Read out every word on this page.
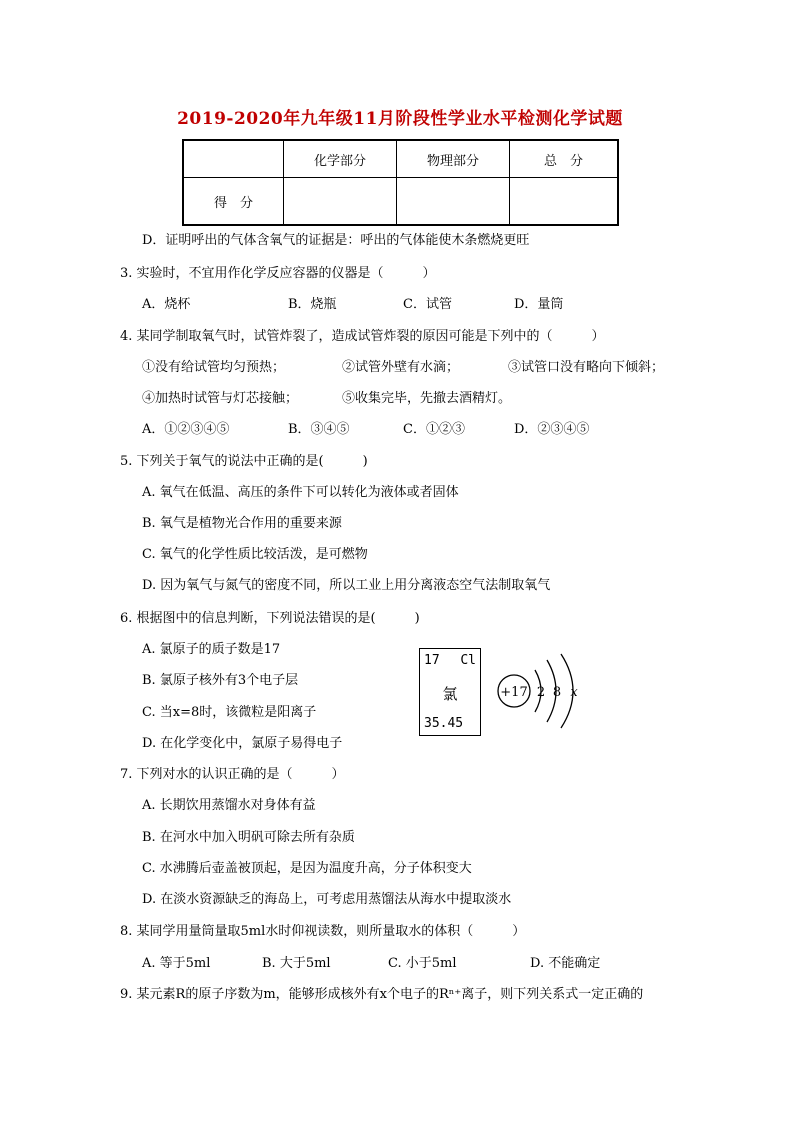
2019-2020年九年级11月阶段性学业水平检测化学试题
	化学部分	物理部分	总　分
得　分			
D．证明呼出的气体含氧气的证据是：呼出的气体能使木条燃烧更旺
3. 实验时，不宜用作化学反应容器的仪器是（　　　）
A．烧杯	B．烧瓶	C．试管	D．量筒
4. 某同学制取氧气时，试管炸裂了，造成试管炸裂的原因可能是下列中的（　　　）
①没有给试管均匀预热；	②试管外壁有水滴；	③试管口没有略向下倾斜；
④加热时试管与灯芯接触；	⑤收集完毕，先撤去酒精灯。
A．①②③④⑤	B．③④⑤	C．①②③	D．②③④⑤
5. 下列关于氧气的说法中正确的是(　　　)
A. 氧气在低温、高压的条件下可以转化为液体或者固体
B. 氧气是植物光合作用的重要来源
C. 氧气的化学性质比较活泼，是可燃物
D. 因为氧气与氮气的密度不同，所以工业上用分离液态空气法制取氧气
6. 根据图中的信息判断，下列说法错误的是(　　　)
A. 氯原子的质子数是17
B. 氯原子核外有3个电子层
C. 当x=8时，该微粒是阳离子
D. 在化学变化中，氯原子易得电子
17 Cl
氯
35.45
+17 2 8 x
7. 下列对水的认识正确的是（　　　）
A. 长期饮用蒸馏水对身体有益
B. 在河水中加入明矾可除去所有杂质
C. 水沸腾后壶盖被顶起，是因为温度升高，分子体积变大
D. 在淡水资源缺乏的海岛上，可考虑用蒸馏法从海水中提取淡水
8. 某同学用量筒量取5ml水时仰视读数，则所量取水的体积（　　　）
A. 等于5ml	B. 大于5ml	C. 小于5ml	D. 不能确定
9. 某元素R的原子序数为m，能够形成核外有x个电子的Rⁿ⁺离子，则下列关系式一定正确的
